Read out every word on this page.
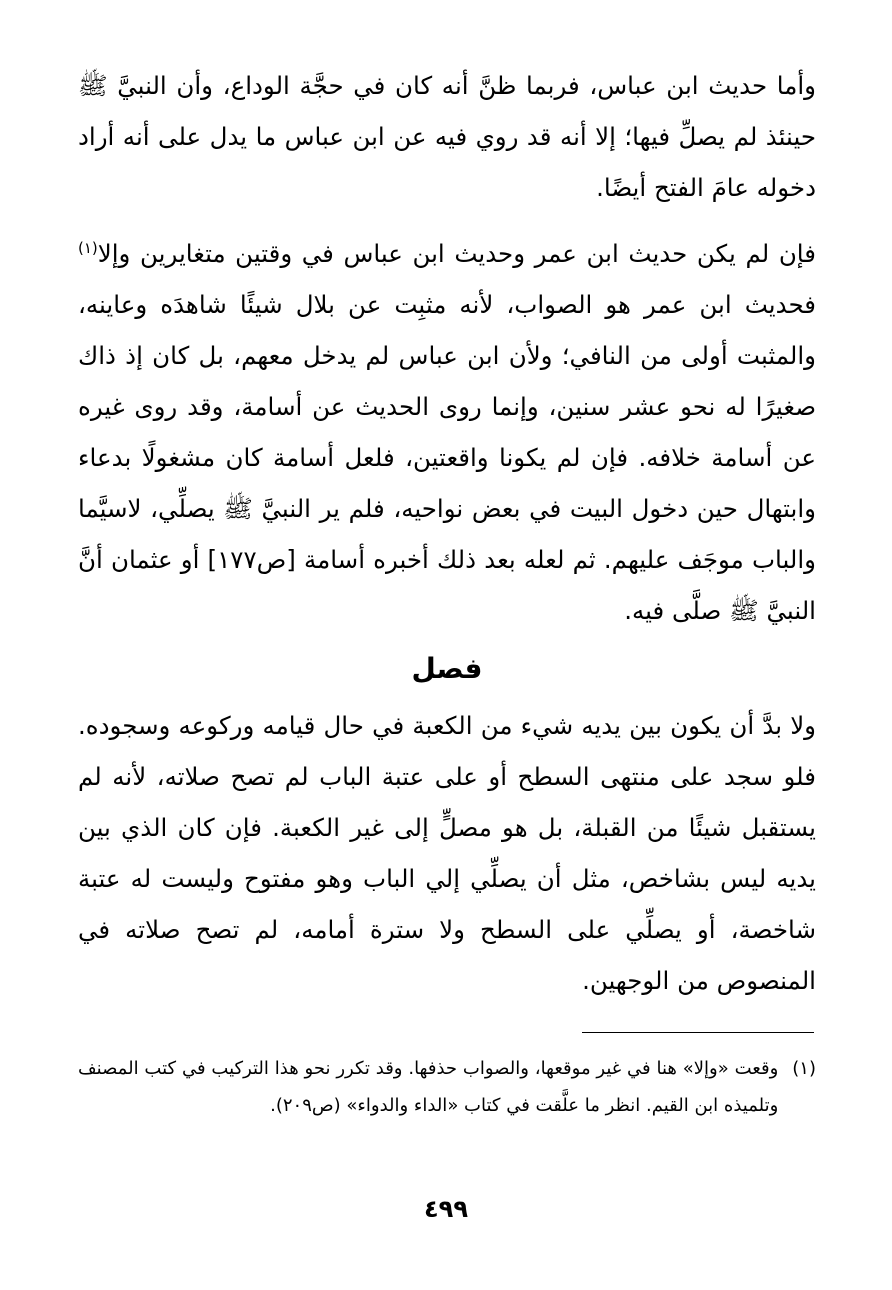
وأما حديث ابن عباس، فربما ظنَّ أنه كان في حجَّة الوداع، وأن النبيَّ ﷺ حينئذ لم يصلِّ فيها؛ إلا أنه قد روي فيه عن ابن عباس ما يدل على أنه أراد دخوله عامَ الفتح أيضًا.

فإن لم يكن حديث ابن عمر وحديث ابن عباس في وقتين متغايرين وإلا$^{(١)}$ فحديث ابن عمر هو الصواب، لأنه مثبِت عن بلال شيئًا شاهدَه وعاينه، والمثبت أولى من النافي؛ ولأن ابن عباس لم يدخل معهم، بل كان إذ ذاك صغيرًا له نحو عشر سنين، وإنما روى الحديث عن أسامة، وقد روى غيره عن أسامة خلافه. فإن لم يكونا واقعتين، فلعل أسامة كان مشغولًا بدعاء وابتهال حين دخول البيت في بعض نواحيه، فلم ير النبيَّ ﷺ يصلِّي، لاسيَّما والباب موجَف عليهم. ثم لعله بعد ذلك أخبره أسامة [ص١٧٧] أو عثمان أنَّ النبيَّ ﷺ صلَّى فيه.

فصل

ولا بدَّ أن يكون بين يديه شيء من الكعبة في حال قيامه وركوعه وسجوده. فلو سجد على منتهى السطح أو على عتبة الباب لم تصح صلاته، لأنه لم يستقبل شيئًا من القبلة، بل هو مصلٍّ إلى غير الكعبة. فإن كان الذي بين يديه ليس بشاخص، مثل أن يصلِّي إلي الباب وهو مفتوح وليست له عتبة شاخصة، أو يصلِّي على السطح ولا سترة أمامه، لم تصح صلاته في المنصوص من الوجهين.

(١)
وقعت «وإلا» هنا في غير موقعها، والصواب حذفها. وقد تكرر نحو هذا التركيب في كتب المصنف وتلميذه ابن القيم. انظر ما علَّقت في كتاب «الداء والدواء» (ص٢٠٩).
٤٩٩
